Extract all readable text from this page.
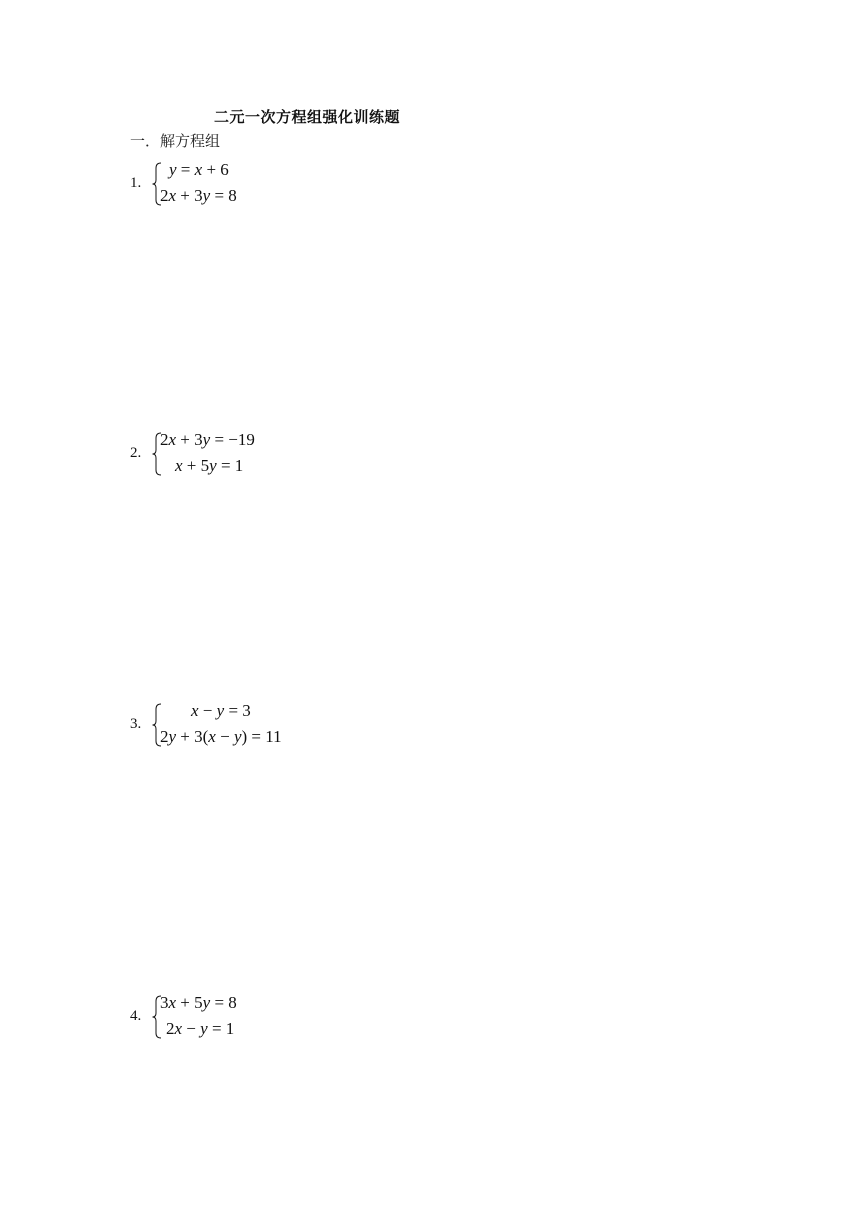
二元一次方程组强化训练题
一．解方程组
1.
y = x + 6
2x + 3y = 8
2.
2x + 3y = −19
x + 5y = 1
3.
x − y = 3
2y + 3(x − y) = 11
4.
3x + 5y = 8
2x − y = 1
